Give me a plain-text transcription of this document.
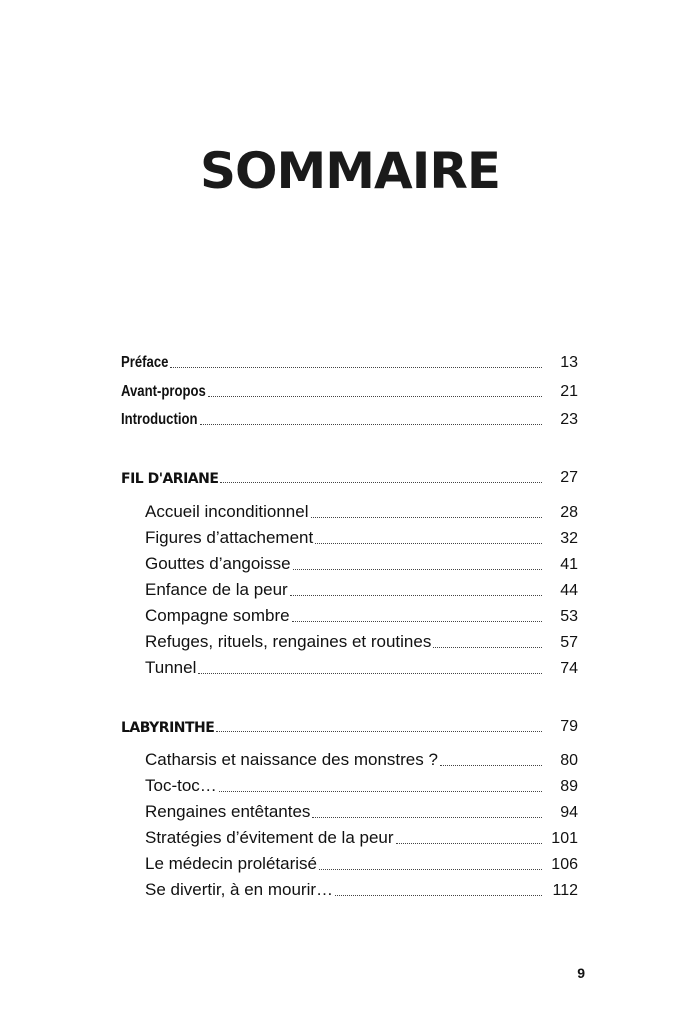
SOMMAIRE
Préface	13
Avant-propos	21
Introduction	23
FIL D'ARIANE	27
Accueil inconditionnel	28
Figures d’attachement	32
Gouttes d’angoisse	41
Enfance de la peur	44
Compagne sombre	53
Refuges, rituels, rengaines et routines	57
Tunnel	74
LABYRINTHE	79
Catharsis et naissance des monstres ?	80
Toc-toc…	89
Rengaines entêtantes	94
Stratégies d’évitement de la peur	101
Le médecin prolétarisé	106
Se divertir, à en mourir…	112
9
